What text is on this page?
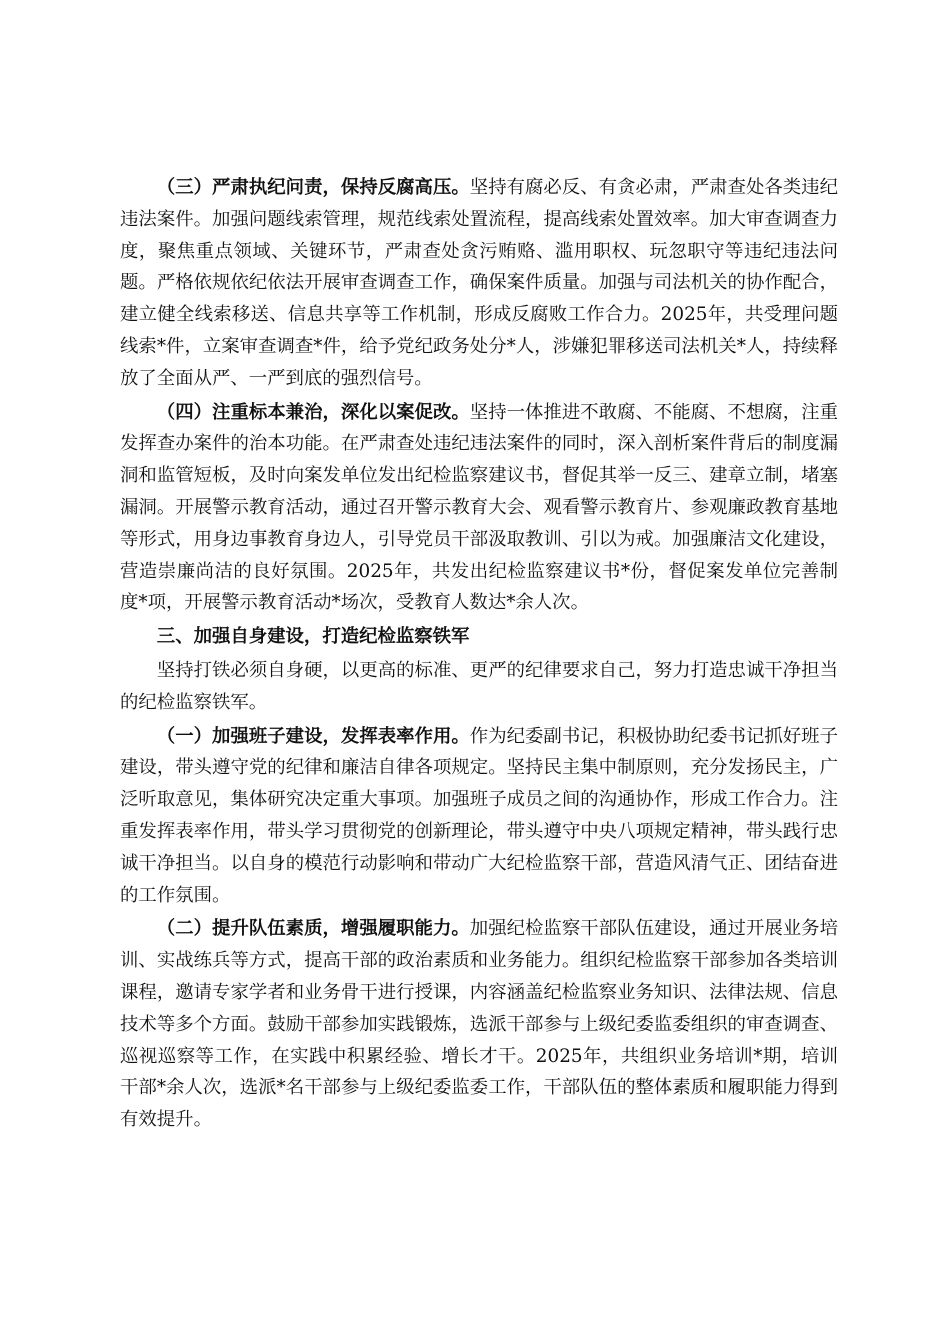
（三）严肃执纪问责，保持反腐高压。坚持有腐必反、有贪必肃，严肃查处各类违纪违法案件。加强问题线索管理，规范线索处置流程，提高线索处置效率。加大审查调查力度，聚焦重点领域、关键环节，严肃查处贪污贿赂、滥用职权、玩忽职守等违纪违法问题。严格依规依纪依法开展审查调查工作，确保案件质量。加强与司法机关的协作配合，建立健全线索移送、信息共享等工作机制，形成反腐败工作合力。2025年，共受理问题线索*件，立案审查调查*件，给予党纪政务处分*人，涉嫌犯罪移送司法机关*人，持续释放了全面从严、一严到底的强烈信号。

（四）注重标本兼治，深化以案促改。坚持一体推进不敢腐、不能腐、不想腐，注重发挥查办案件的治本功能。在严肃查处违纪违法案件的同时，深入剖析案件背后的制度漏洞和监管短板，及时向案发单位发出纪检监察建议书，督促其举一反三、建章立制，堵塞漏洞。开展警示教育活动，通过召开警示教育大会、观看警示教育片、参观廉政教育基地等形式，用身边事教育身边人，引导党员干部汲取教训、引以为戒。加强廉洁文化建设，营造崇廉尚洁的良好氛围。2025年，共发出纪检监察建议书*份，督促案发单位完善制度*项，开展警示教育活动*场次，受教育人数达*余人次。

三、加强自身建设，打造纪检监察铁军

坚持打铁必须自身硬，以更高的标准、更严的纪律要求自己，努力打造忠诚干净担当的纪检监察铁军。

（一）加强班子建设，发挥表率作用。作为纪委副书记，积极协助纪委书记抓好班子建设，带头遵守党的纪律和廉洁自律各项规定。坚持民主集中制原则，充分发扬民主，广泛听取意见，集体研究决定重大事项。加强班子成员之间的沟通协作，形成工作合力。注重发挥表率作用，带头学习贯彻党的创新理论，带头遵守中央八项规定精神，带头践行忠诚干净担当。以自身的模范行动影响和带动广大纪检监察干部，营造风清气正、团结奋进的工作氛围。

（二）提升队伍素质，增强履职能力。加强纪检监察干部队伍建设，通过开展业务培训、实战练兵等方式，提高干部的政治素质和业务能力。组织纪检监察干部参加各类培训课程，邀请专家学者和业务骨干进行授课，内容涵盖纪检监察业务知识、法律法规、信息技术等多个方面。鼓励干部参加实践锻炼，选派干部参与上级纪委监委组织的审查调查、巡视巡察等工作，在实践中积累经验、增长才干。2025年，共组织业务培训*期，培训干部*余人次，选派*名干部参与上级纪委监委工作，干部队伍的整体素质和履职能力得到有效提升。
